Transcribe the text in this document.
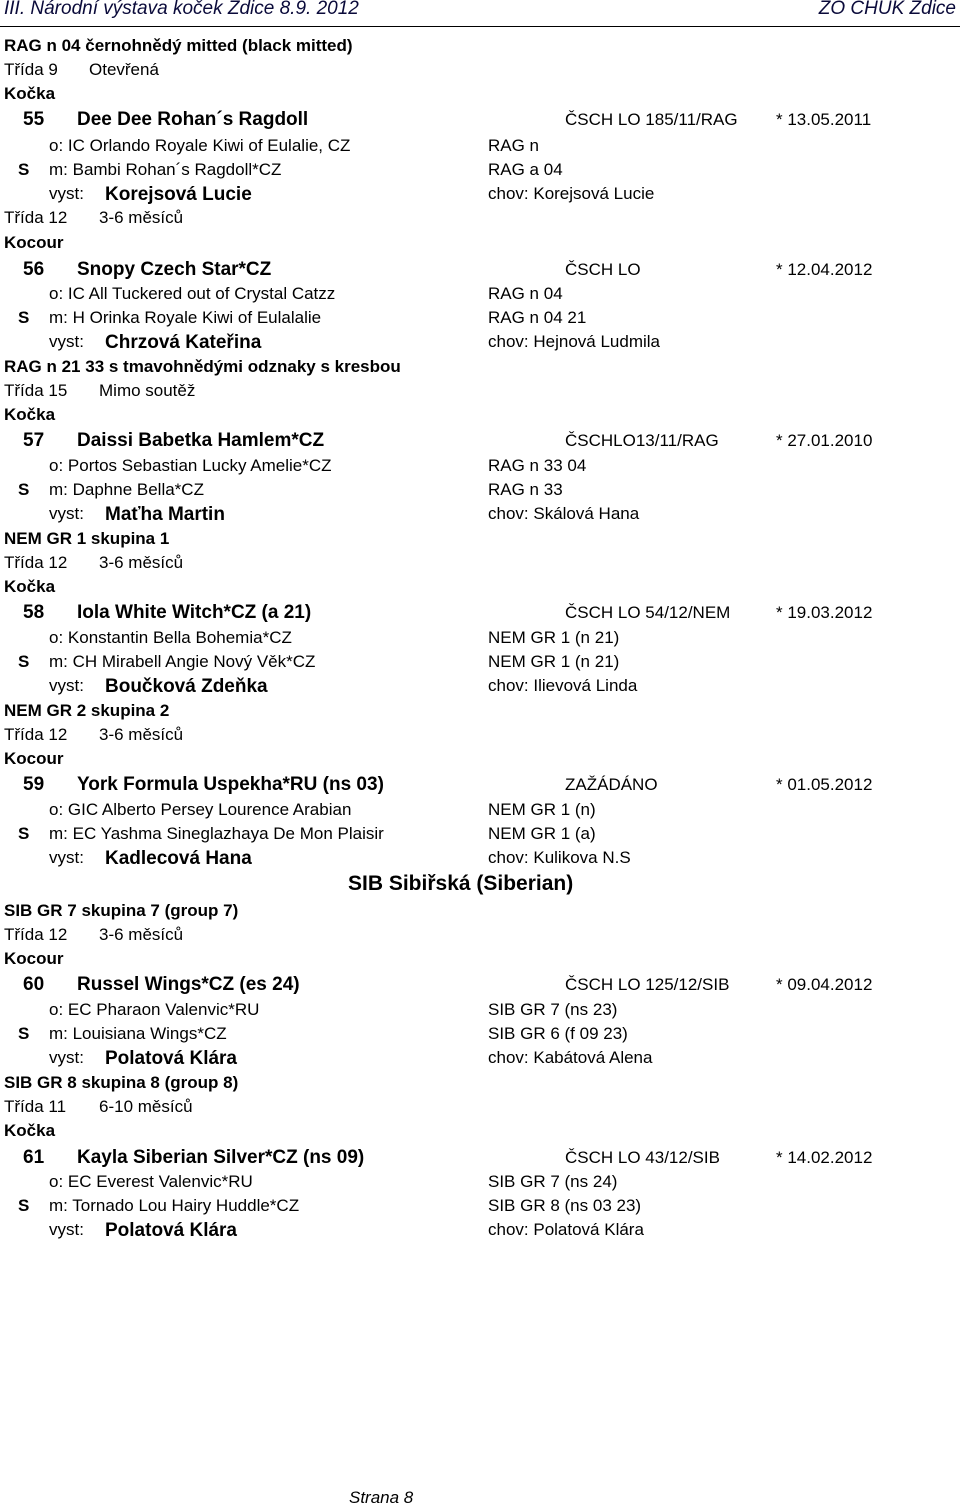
III. Národní výstava koček Zdice 8.9. 2012	ZO CHUK Zdice
RAG n 04 černohnědý mitted (black mitted)
Třída 9 Otevřená
Kočka
55 Dee Dee Rohan´s Ragdoll	ČSCH LO 185/11/RAG * 13.05.2011
o: IC Orlando Royale Kiwi of Eulalie, CZ	RAG n
S m: Bambi Rohan´s Ragdoll*CZ	RAG a 04
vyst: Korejsová Lucie	chov: Korejsová Lucie
Třída 12 3-6 měsíců
Kocour
56 Snopy Czech Star*CZ	ČSCH LO	* 12.04.2012
o: IC All Tuckered out of Crystal Catzz	RAG n 04
S m: H Orinka Royale Kiwi of Eulalalie	RAG n 04 21
vyst: Chrzová Kateřina	chov: Hejnová Ludmila
RAG n 21 33 s tmavohnědými odznaky s kresbou
Třída 15 Mimo soutěž
Kočka
57 Daissi Babetka Hamlem*CZ	ČSCHLO13/11/RAG	* 27.01.2010
o: Portos Sebastian Lucky Amelie*CZ	RAG n 33 04
S m: Daphne Bella*CZ	RAG n 33
vyst: Maťha Martin	chov: Skálová Hana
NEM GR 1 skupina 1
Třída 12 3-6 měsíců
Kočka
58 Iola White Witch*CZ (a 21)	ČSCH LO 54/12/NEM	* 19.03.2012
o: Konstantin Bella Bohemia*CZ	NEM GR 1 (n 21)
S m: CH Mirabell Angie Nový Věk*CZ	NEM GR 1 (n 21)
vyst: Boučková Zdeňka	chov: Ilievová Linda
NEM GR 2 skupina 2
Třída 12 3-6 měsíců
Kocour
59 York Formula Uspekha*RU (ns 03)	ZAŽÁDÁNO	* 01.05.2012
o: GIC Alberto Persey Lourence Arabian	NEM GR 1 (n)
S m: EC Yashma Sineglazhaya De Mon Plaisir	NEM GR 1 (a)
vyst: Kadlecová Hana	chov: Kulikova N.S
SIB Sibiřská (Siberian)
SIB GR 7 skupina 7 (group 7)
Třída 12 3-6 měsíců
Kocour
60 Russel Wings*CZ (es 24)	ČSCH LO 125/12/SIB	* 09.04.2012
o: EC Pharaon Valenvic*RU	SIB GR 7 (ns 23)
S m: Louisiana Wings*CZ	SIB GR 6 (f 09 23)
vyst: Polatová Klára	chov: Kabátová Alena
SIB GR 8 skupina 8 (group 8)
Třída 11 6-10 měsíců
Kočka
61 Kayla Siberian Silver*CZ (ns 09)	ČSCH LO 43/12/SIB	* 14.02.2012
o: EC Everest Valenvic*RU	SIB GR 7 (ns 24)
S m: Tornado Lou Hairy Huddle*CZ	SIB GR 8 (ns 03 23)
vyst: Polatová Klára	chov: Polatová Klára
Strana 8
